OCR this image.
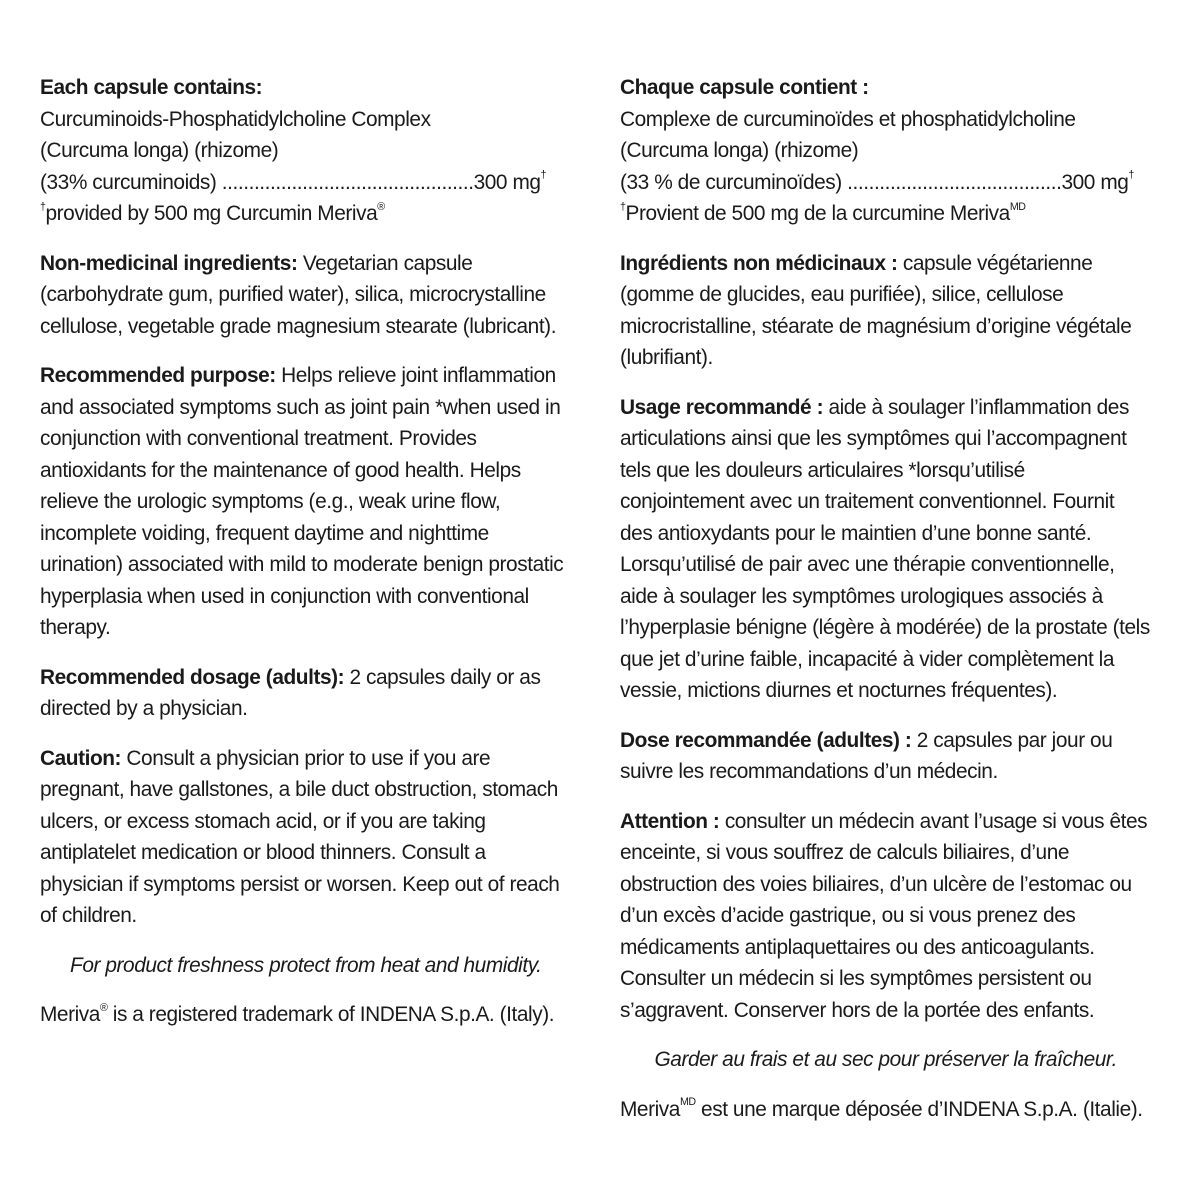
Each capsule contains:

Curcuminoids-Phosphatidylcholine Complex

(Curcuma longa) (rhizome)

(33% curcuminoids) ...............................................300 mg†

†provided by 500 mg Curcumin Meriva®

Non-medicinal ingredients: Vegetarian capsule (carbohydrate gum, purified water), silica, microcrystalline cellulose, vegetable grade magnesium stearate (lubricant).

Recommended purpose: Helps relieve joint inflammation and associated symptoms such as joint pain *when used in conjunction with conventional treatment. Provides antioxidants for the maintenance of good health. Helps relieve the urologic symptoms (e.g., weak urine flow, incomplete voiding, frequent daytime and nighttime urination) associated with mild to moderate benign prostatic hyperplasia when used in conjunction with conventional therapy.

Recommended dosage (adults): 2 capsules daily or as directed by a physician.

Caution: Consult a physician prior to use if you are pregnant, have gallstones, a bile duct obstruction, stomach ulcers, or excess stomach acid, or if you are taking antiplatelet medication or blood thinners. Consult a physician if symptoms persist or worsen. Keep out of reach of children.

For product freshness protect from heat and humidity.

Meriva® is a registered trademark of INDENA S.p.A. (Italy).

Chaque capsule contient :

Complexe de curcuminoïdes et phosphatidylcholine

(Curcuma longa) (rhizome)

(33 % de curcuminoïdes) ........................................300 mg†

†Provient de 500 mg de la curcumine Meriva$^{MD}$

Ingrédients non médicinaux : capsule végétarienne (gomme de glucides, eau purifiée), silice, cellulose microcristalline, stéarate de magnésium d’origine végétale (lubrifiant).

Usage recommandé : aide à soulager l’inflammation des articulations ainsi que les symptômes qui l’accompagnent tels que les douleurs articulaires *lorsqu’utilisé conjointement avec un traitement conventionnel. Fournit des antioxydants pour le maintien d’une bonne santé. Lorsqu’utilisé de pair avec une thérapie conventionnelle, aide à soulager les symptômes urologiques associés à l’hyperplasie bénigne (légère à modérée) de la prostate (tels que jet d’urine faible, incapacité à vider complètement la vessie, mictions diurnes et nocturnes fréquentes).

Dose recommandée (adultes) : 2 capsules par jour ou suivre les recommandations d’un médecin.

Attention : consulter un médecin avant l’usage si vous êtes enceinte, si vous souffrez de calculs biliaires, d’une obstruction des voies biliaires, d’un ulcère de l’estomac ou d’un excès d’acide gastrique, ou si vous prenez des médicaments antiplaquettaires ou des anticoagulants. Consulter un médecin si les symptômes persistent ou s’aggravent. Conserver hors de la portée des enfants.

Garder au frais et au sec pour préserver la fraîcheur.

Meriva$^{MD}$ est une marque déposée d’INDENA S.p.A. (Italie).
